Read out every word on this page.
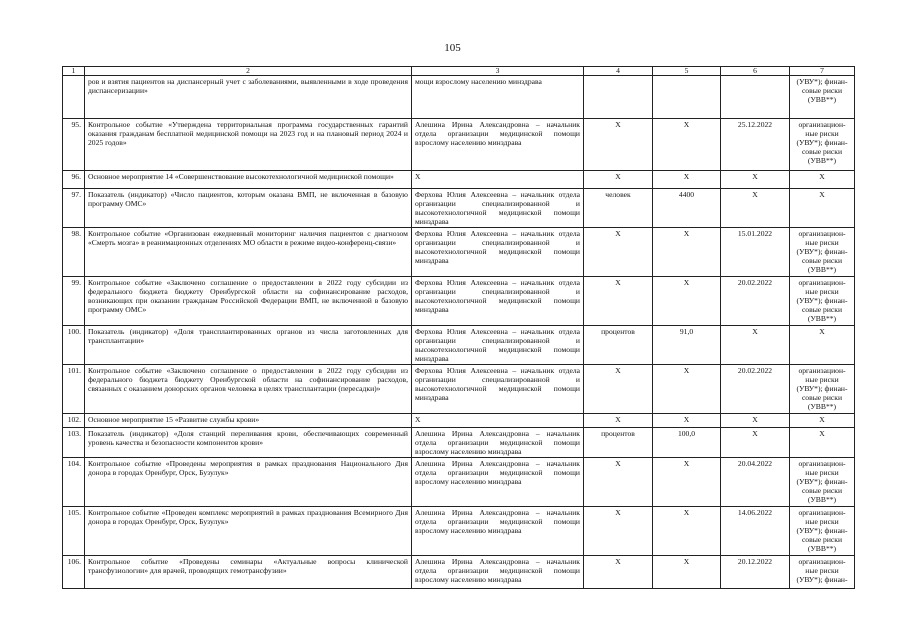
105
1	2	3	4	5	6	7
	ров и взятия пациентов на диспансерный учет с заболеваниями, выявленными в ходе проведения диспансеризации»	мощи взрослому населению минздрава				(УВУ*); финан-совые риски (УВВ**)
95.	Контрольное событие «Утверждена территориальная программа государственных гарантий оказания гражданам бесплатной медицинской помощи на 2023 год и на плановый период 2024 и 2025 годов»	Алешина Ирина Александровна – начальник отдела организации медицинской помощи взрослому населению минздрава	X	X	25.12.2022	организацион-ные риски (УВУ*); финан-совые риски (УВВ**)
96.	Основное мероприятие 14 «Совершенствование высокотехнологичной медицинской помощи»	X	X	X	X	X
97.	Показатель (индикатор) «Число пациентов, которым оказана ВМП, не включенная в базовую программу ОМС»	Ферхова Юлия Алексеевна – начальник отдела организации специализированной и высокотехнологичной медицинской помощи минздрава	человек	4400	X	X
98.	Контрольное событие «Организован ежедневный мониторинг наличия пациентов с диагнозом «Смерть мозга» в реанимационных отделениях МО области в режиме видео-конференц-связи»	Ферхова Юлия Алексеевна – начальник отдела организации специализированной и высокотехнологичной медицинской помощи минздрава	X	X	15.01.2022	организацион-ные риски (УВУ*); финан-совые риски (УВВ**)
99.	Контрольное событие «Заключено соглашение о предоставлении в 2022 году субсидии из федерального бюджета бюджету Оренбургской области на софинансирование расходов, возникающих при оказании гражданам Российской Федерации ВМП, не включенной в базовую программу ОМС»	Ферхова Юлия Алексеевна – начальник отдела организации специализированной и высокотехнологичной медицинской помощи минздрава	X	X	20.02.2022	организацион-ные риски (УВУ*); финан-совые риски (УВВ**)
100.	Показатель (индикатор) «Доля трансплантированных органов из числа заготовленных для трансплантации»	Ферхова Юлия Алексеевна – начальник отдела организации специализированной и высокотехнологичной медицинской помощи минздрава	процентов	91,0	X	X
101.	Контрольное событие «Заключено соглашение о предоставлении в 2022 году субсидии из федерального бюджета бюджету Оренбургской области на софинансирование расходов, связанных с оказанием донорских органов человека в целях трансплантации (пересадки)»	Ферхова Юлия Алексеевна – начальник отдела организации специализированной и высокотехнологичной медицинской помощи минздрава	X	X	20.02.2022	организацион-ные риски (УВУ*); финан-совые риски (УВВ**)
102.	Основное мероприятие 15 «Развитие службы крови»	X	X	X	X	X
103.	Показатель (индикатор) «Доля станций переливания крови, обеспечивающих современный уровень качества и безопасности компонентов крови»	Алешина Ирина Александровна – начальник отдела организации медицинской помощи взрослому населению минздрава	процентов	100,0	X	X
104.	Контрольное событие «Проведены мероприятия в рамках празднования Национального Дня донора в городах Оренбург, Орск, Бузулук»	Алешина Ирина Александровна – начальник отдела организации медицинской помощи взрослому населению минздрава	X	X	20.04.2022	организацион-ные риски (УВУ*); финан-совые риски (УВВ**)
105.	Контрольное событие «Проведен комплекс мероприятий в рамках празднования Всемирного Дня донора в городах Оренбург, Орск, Бузулук»	Алешина Ирина Александровна – начальник отдела организации медицинской помощи взрослому населению минздрава	X	X	14.06.2022	организацион-ные риски (УВУ*); финан-совые риски (УВВ**)
106.	Контрольное событие «Проведены семинары «Актуальные вопросы клинической трансфузиологии» для врачей, проводящих гемотрансфузии»	Алешина Ирина Александровна – начальник отдела организации медицинской помощи взрослому населению минздрава	X	X	20.12.2022	организацион-ные риски (УВУ*); финан-
